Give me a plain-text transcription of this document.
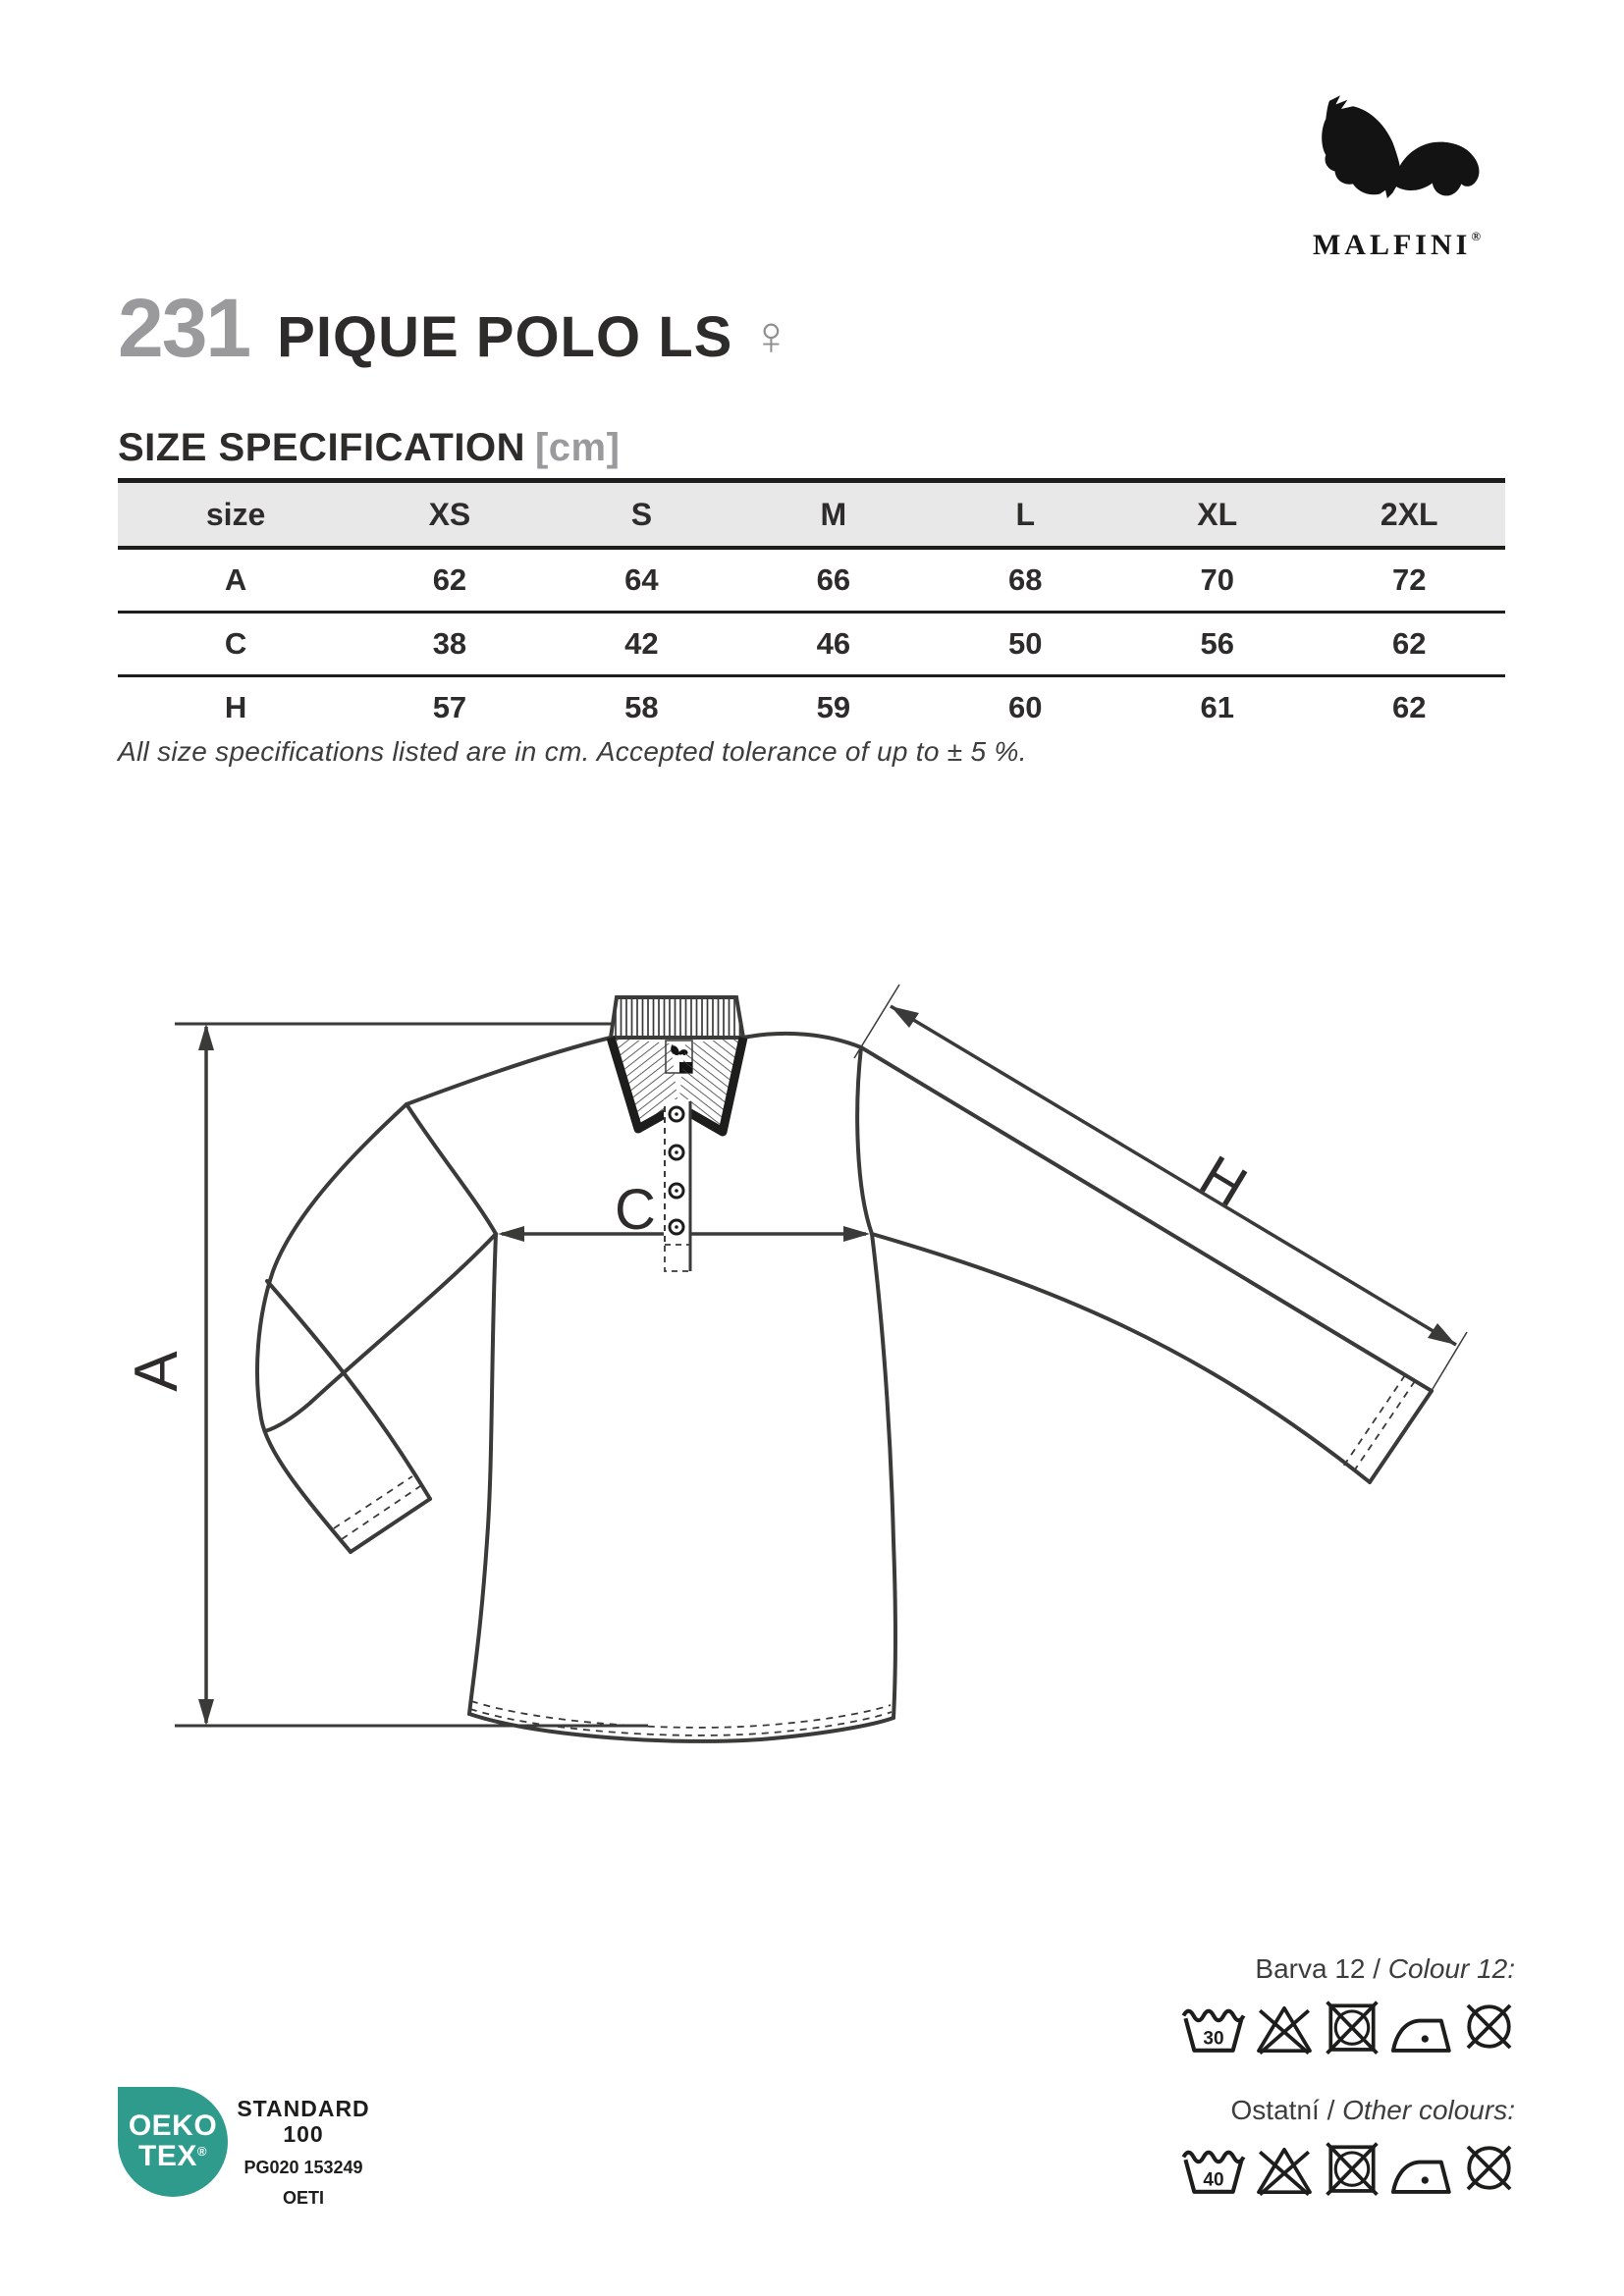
MALFINI®
231 PIQUE POLO LS ♀
SIZE SPECIFICATION [cm]
size	XS	S	M	L	XL	2XL
A	62	64	66	68	70	72
C	38	42	46	50	56	62
H	57	58	59	60	61	62
All size specifications listed are in cm. Accepted tolerance of up to ± 5 %.
A
C	H
Barva 12 / Colour 12:
30
Ostatní / Other colours:
40
OEKO
TEX®
STANDARD
100
PG020 153249
OETI
